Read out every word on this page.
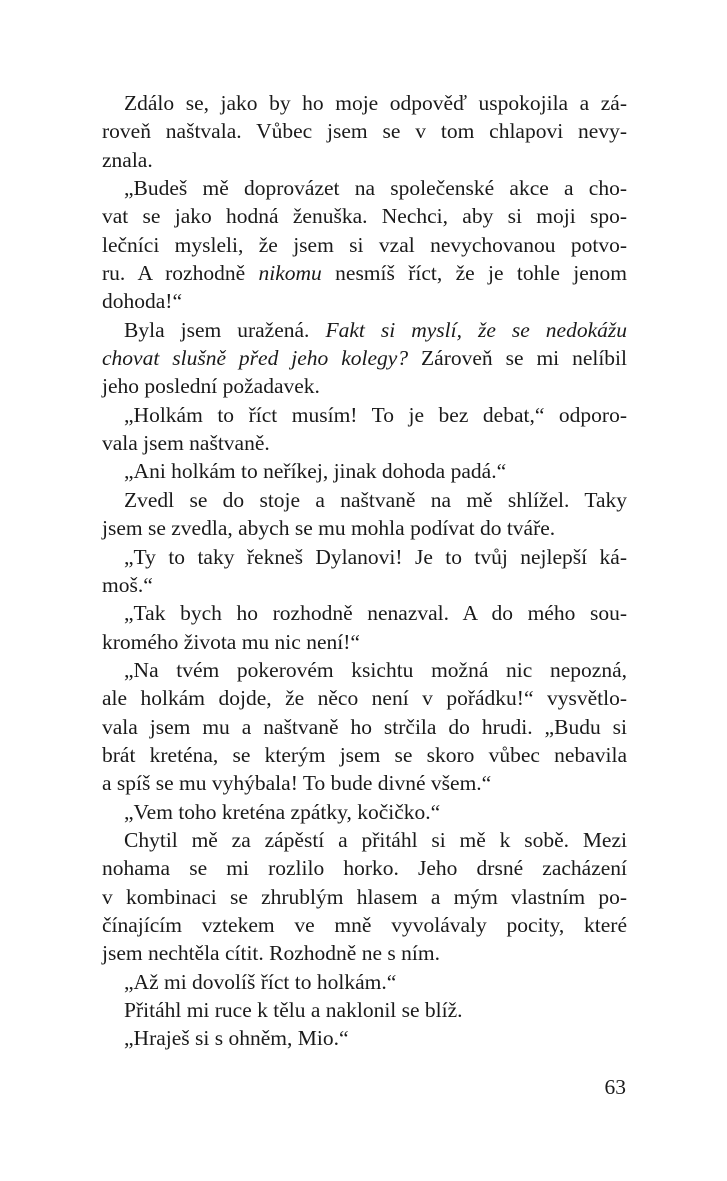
Zdálo se, jako by ho moje odpověď uspokojila a zá-
roveň naštvala. Vůbec jsem se v tom chlapovi nevy-
znala.
„Budeš mě doprovázet na společenské akce a cho-
vat se jako hodná ženuška. Nechci, aby si moji spo-
lečníci mysleli, že jsem si vzal nevychovanou potvo-
ru. A rozhodně nikomu nesmíš říct, že je tohle jenom
dohoda!“
Byla jsem uražená. Fakt si myslí, že se nedokážu
chovat slušně před jeho kolegy? Zároveň se mi nelíbil
jeho poslední požadavek.
„Holkám to říct musím! To je bez debat,“ odporo-
vala jsem naštvaně.
„Ani holkám to neříkej, jinak dohoda padá.“
Zvedl se do stoje a naštvaně na mě shlížel. Taky
jsem se zvedla, abych se mu mohla podívat do tváře.
„Ty to taky řekneš Dylanovi! Je to tvůj nejlepší ká-
moš.“
„Tak bych ho rozhodně nenazval. A do mého sou-
kromého života mu nic není!“
„Na tvém pokerovém ksichtu možná nic nepozná,
ale holkám dojde, že něco není v pořádku!“ vysvětlo-
vala jsem mu a naštvaně ho strčila do hrudi. „Budu si
brát kreténa, se kterým jsem se skoro vůbec nebavila
a spíš se mu vyhýbala! To bude divné všem.“
„Vem toho kreténa zpátky, kočičko.“
Chytil mě za zápěstí a přitáhl si mě k sobě. Mezi
nohama se mi rozlilo horko. Jeho drsné zacházení
v kombinaci se zhrublým hlasem a mým vlastním po-
čínajícím vztekem ve mně vyvolávaly pocity, které
jsem nechtěla cítit. Rozhodně ne s ním.
„Až mi dovolíš říct to holkám.“
Přitáhl mi ruce k tělu a naklonil se blíž.
„Hraješ si s ohněm, Mio.“
63
